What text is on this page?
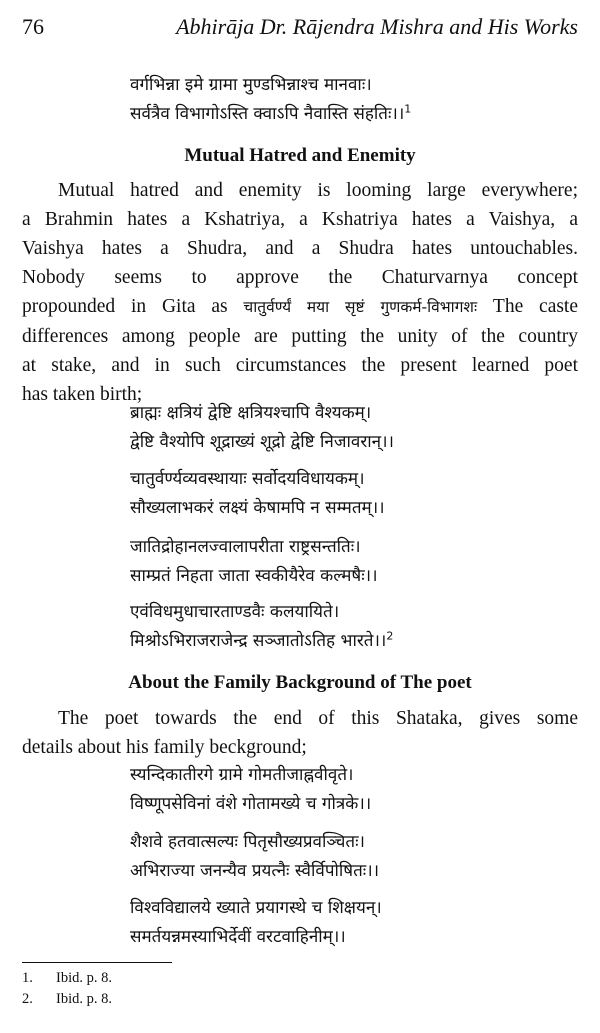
76	Abhirāja Dr. Rājendra Mishra and His Works
वर्गभिन्ना इमे ग्रामा मुण्डभिन्नाश्च मानवाः।
सर्वत्रैव विभागोऽस्ति क्वाऽपि नैवास्ति संहतिः।।$^1$
Mutual Hatred and Enemity
Mutual hatred and enemity is looming large everywhere;
a Brahmin hates a Kshatriya, a Kshatriya hates a Vaishya, a
Vaishya hates a Shudra, and a Shudra hates untouchables.
Nobody seems to approve the Chaturvarnya concept
propounded in Gita as चातुर्वर्ण्यं मया सृष्टं गुणकर्म-विभागशः The caste
differences among people are putting the unity of the country
at stake, and in such circumstances the present learned poet
has taken birth;
ब्राह्मः क्षत्रियं द्वेष्टि क्षत्रियश्चापि वैश्यकम्।
द्वेष्टि वैश्योपि शूद्राख्यं शूद्रो द्वेष्टि निजावरान्।।
चातुर्वर्ण्यव्यवस्थायाः सर्वोदयविधायकम्।
सौख्यलाभकरं लक्ष्यं केषामपि न सम्मतम्।।
जातिद्रोहानलज्वालापरीता राष्ट्रसन्ततिः।
साम्प्रतं निहता जाता स्वकीयैरेव कल्मषैः।।
एवंविधमुधाचारताण्डवैः कलयायिते।
मिश्रोऽभिराजराजेन्द्र सञ्जातोऽतिह भारते।।$^2$
About the Family Background of The poet
The poet towards the end of this Shataka, gives some
details about his family beckground;
स्यन्दिकातीरगे ग्रामे गोमतीजाह्नवीवृते।
विष्णूपसेविनां वंशे गोतामख्ये च गोत्रके।।
शैशवे हतवात्सल्यः पितृसौख्यप्रवञ्चितः।
अभिराज्या जनन्यैव प्रयत्नैः स्वैर्विपोषितः।।
विश्वविद्यालये ख्याते प्रयागस्थे च शिक्षयन्।
समर्तयन्नमस्याभिर्देवीं वरटवाहिनीम्।।
1. Ibid. p. 8.
2. Ibid. p. 8.
